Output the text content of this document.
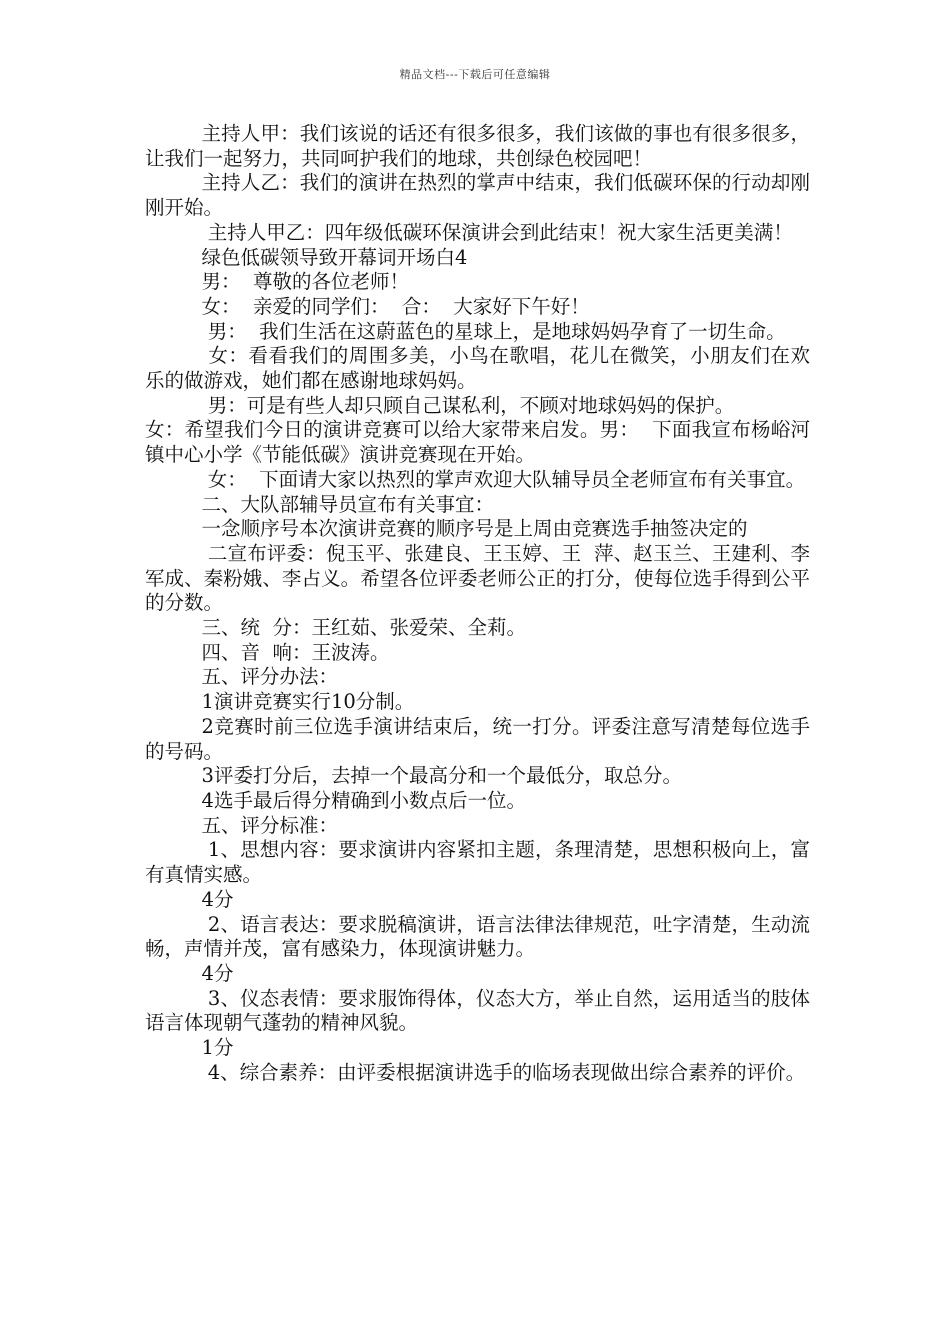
精品文档---下载后可任意编辑

主持人甲：我们该说的话还有很多很多，我们该做的事也有很多很多，让我们一起努力，共同呵护我们的地球，共创绿色校园吧！

主持人乙：我们的演讲在热烈的掌声中结束，我们低碳环保的行动却刚刚开始。

主持人甲乙：四年级低碳环保演讲会到此结束！祝大家生活更美满！

绿色低碳领导致开幕词开场白4

男：  尊敬的各位老师！

女：  亲爱的同学们：  合：  大家好下午好！

男：  我们生活在这蔚蓝色的星球上，是地球妈妈孕育了一切生命。

女：看看我们的周围多美，小鸟在歌唱，花儿在微笑，小朋友们在欢乐的做游戏，她们都在感谢地球妈妈。

男：可是有些人却只顾自己谋私利，不顾对地球妈妈的保护。

女：希望我们今日的演讲竞赛可以给大家带来启发。男：  下面我宣布杨峪河镇中心小学《节能低碳》演讲竞赛现在开始。

女：  下面请大家以热烈的掌声欢迎大队辅导员全老师宣布有关事宜。

二、大队部辅导员宣布有关事宜：

一念顺序号本次演讲竞赛的顺序号是上周由竞赛选手抽签决定的

二宣布评委：倪玉平、张建良、王玉婷、王  萍、赵玉兰、王建利、李军成、秦粉娥、李占义。希望各位评委老师公正的打分，使每位选手得到公平的分数。

三、统  分：王红茹、张爱荣、全莉。

四、音  响：王波涛。

五、评分办法：

1演讲竞赛实行10分制。

2竞赛时前三位选手演讲结束后，统一打分。评委注意写清楚每位选手的号码。

3评委打分后，去掉一个最高分和一个最低分，取总分。

4选手最后得分精确到小数点后一位。

五、评分标准：

1、思想内容：要求演讲内容紧扣主题，条理清楚，思想积极向上，富有真情实感。

4分

2、语言表达：要求脱稿演讲，语言法律法律规范，吐字清楚，生动流畅，声情并茂，富有感染力，体现演讲魅力。

4分

3、仪态表情：要求服饰得体，仪态大方，举止自然，运用适当的肢体语言体现朝气蓬勃的精神风貌。

1分

4、综合素养：由评委根据演讲选手的临场表现做出综合素养的评价。
